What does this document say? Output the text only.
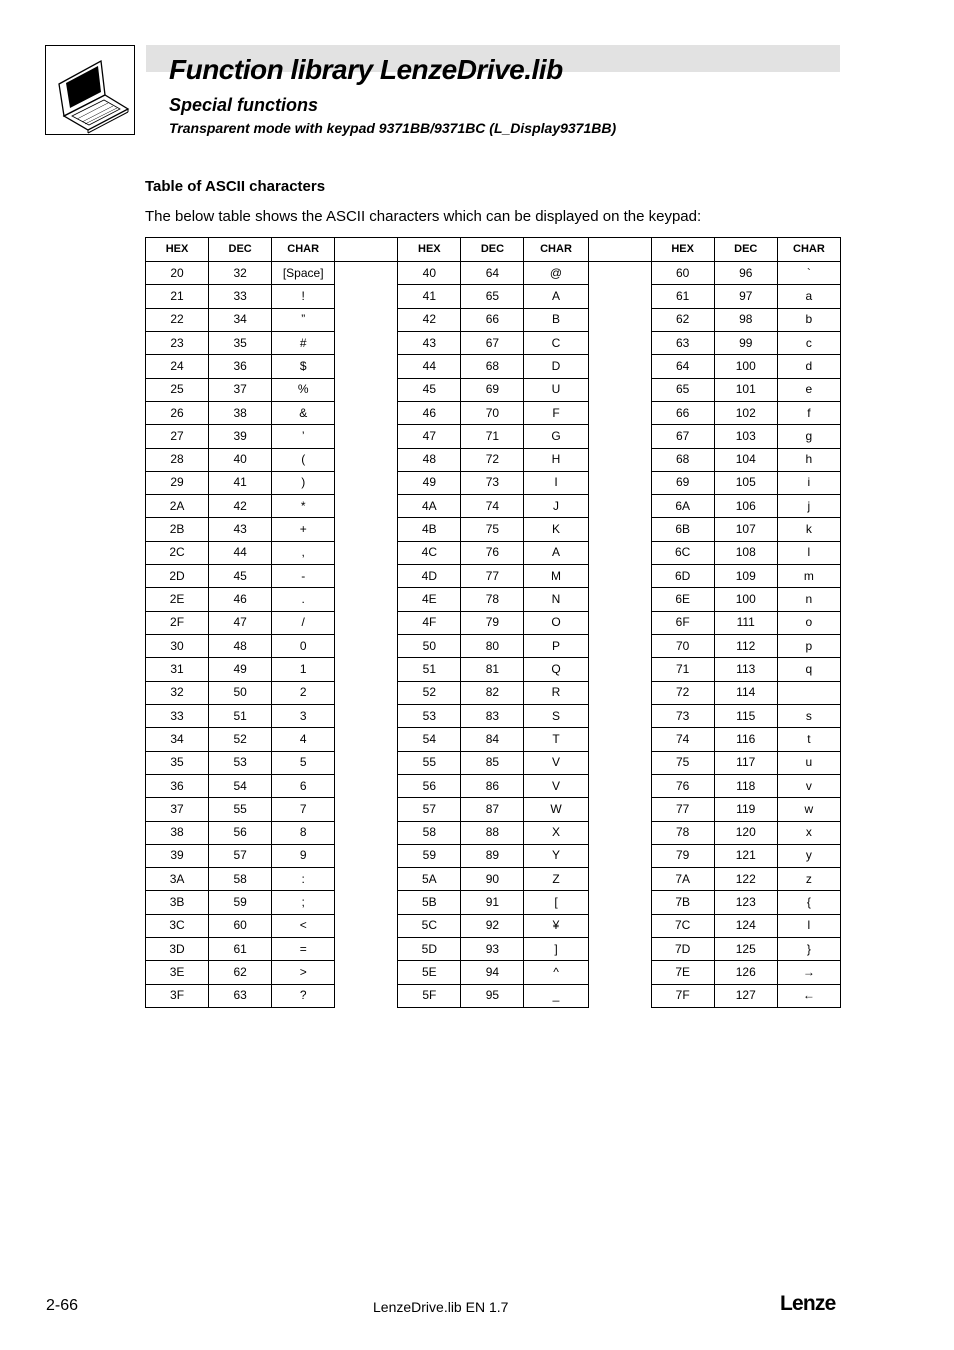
Function library LenzeDrive.lib
Special functions
Transparent mode with keypad 9371BB/9371BC (L_Display9371BB)
Table of ASCII characters
The below table shows the ASCII characters which can be displayed on the keypad:
HEX	DEC	CHAR		HEX	DEC	CHAR		HEX	DEC	CHAR
20	32	[Space]		40	64	@		60	96	`
21	33	!		41	65	A		61	97	a
22	34	”		42	66	B		62	98	b
23	35	#		43	67	C		63	99	c
24	36	$		44	68	D		64	100	d
25	37	%		45	69	U		65	101	e
26	38	&		46	70	F		66	102	f
27	39	’		47	71	G		67	103	g
28	40	(		48	72	H		68	104	h
29	41	)		49	73	I		69	105	i
2A	42	*		4A	74	J		6A	106	j
2B	43	+		4B	75	K		6B	107	k
2C	44	,		4C	76	A		6C	108	l
2D	45	-		4D	77	M		6D	109	m
2E	46	.		4E	78	N		6E	100	n
2F	47	/		4F	79	O		6F	111	o
30	48	0		50	80	P		70	112	p
31	49	1		51	81	Q		71	113	q
32	50	2		52	82	R		72	114	
33	51	3		53	83	S		73	115	s
34	52	4		54	84	T		74	116	t
35	53	5		55	85	V		75	117	u
36	54	6		56	86	V		76	118	v
37	55	7		57	87	W		77	119	w
38	56	8		58	88	X		78	120	x
39	57	9		59	89	Y		79	121	y
3A	58	:		5A	90	Z		7A	122	z
3B	59	;		5B	91	[		7B	123	{
3C	60	<		5C	92	¥		7C	124	l
3D	61	=		5D	93	]		7D	125	}
3E	62	>		5E	94	^		7E	126	→
3F	63	?		5F	95	_		7F	127	←
2-66	LenzeDrive.lib EN 1.7	Lenze
